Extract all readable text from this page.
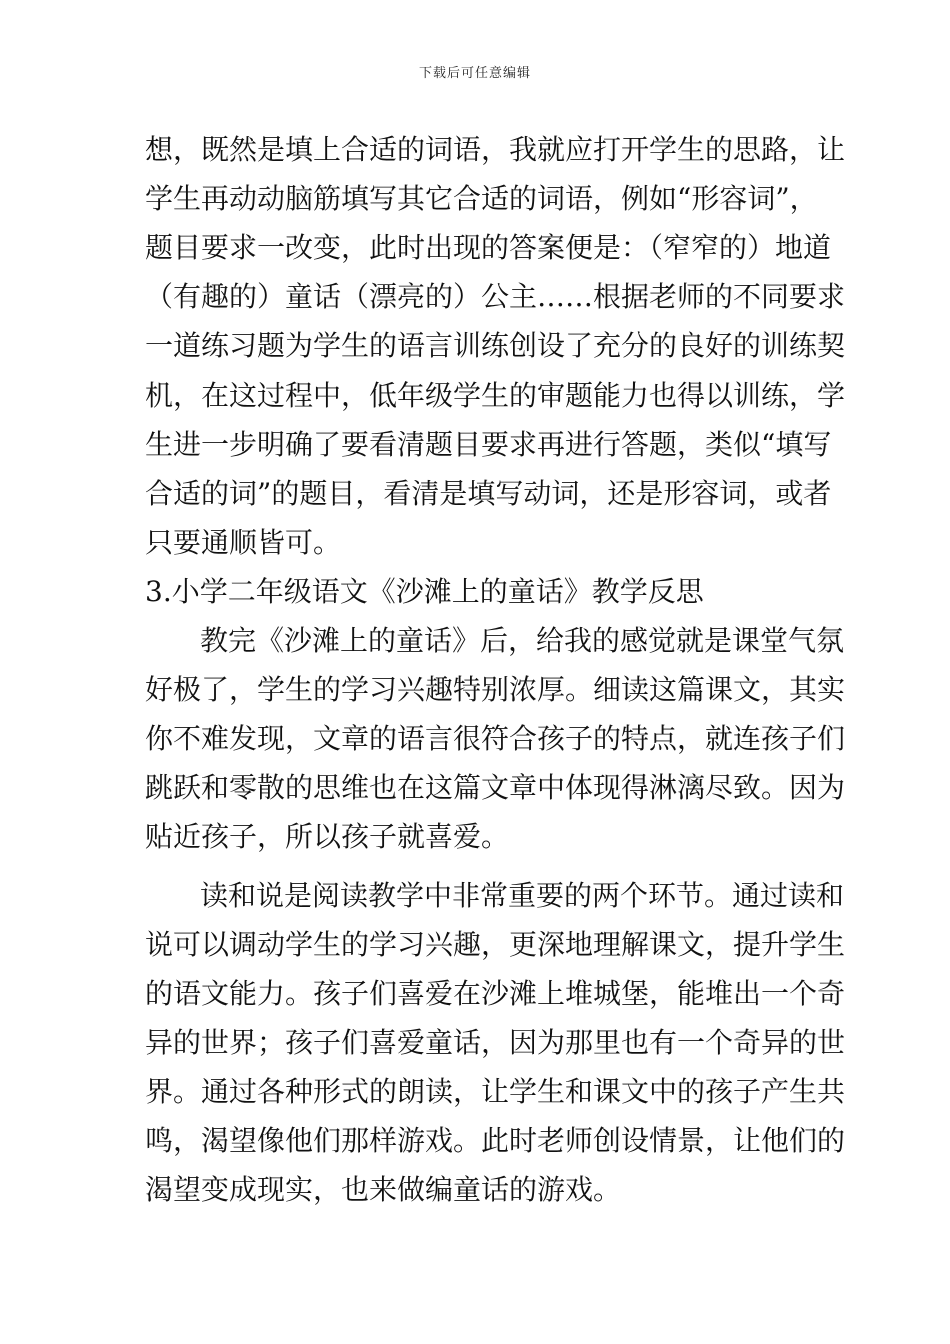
下载后可任意编辑
想，既然是填上合适的词语，我就应打开学生的思路，让
学生再动动脑筋填写其它合适的词语，例如“形容词”，
题目要求一改变，此时出现的答案便是：（窄窄的）地道
（有趣的）童话（漂亮的）公主……根据老师的不同要求
一道练习题为学生的语言训练创设了充分的良好的训练契
机，在这过程中，低年级学生的审题能力也得以训练，学
生进一步明确了要看清题目要求再进行答题，类似“填写
合适的词”的题目，看清是填写动词，还是形容词，或者
只要通顺皆可。
3.小学二年级语文《沙滩上的童话》教学反思
教完《沙滩上的童话》后，给我的感觉就是课堂气氛
好极了，学生的学习兴趣特别浓厚。细读这篇课文，其实
你不难发现，文章的语言很符合孩子的特点，就连孩子们
跳跃和零散的思维也在这篇文章中体现得淋漓尽致。因为
贴近孩子，所以孩子就喜爱。
读和说是阅读教学中非常重要的两个环节。通过读和
说可以调动学生的学习兴趣，更深地理解课文，提升学生
的语文能力。孩子们喜爱在沙滩上堆城堡，能堆出一个奇
异的世界；孩子们喜爱童话，因为那里也有一个奇异的世
界。通过各种形式的朗读，让学生和课文中的孩子产生共
鸣，渴望像他们那样游戏。此时老师创设情景，让他们的
渴望变成现实，也来做编童话的游戏。
